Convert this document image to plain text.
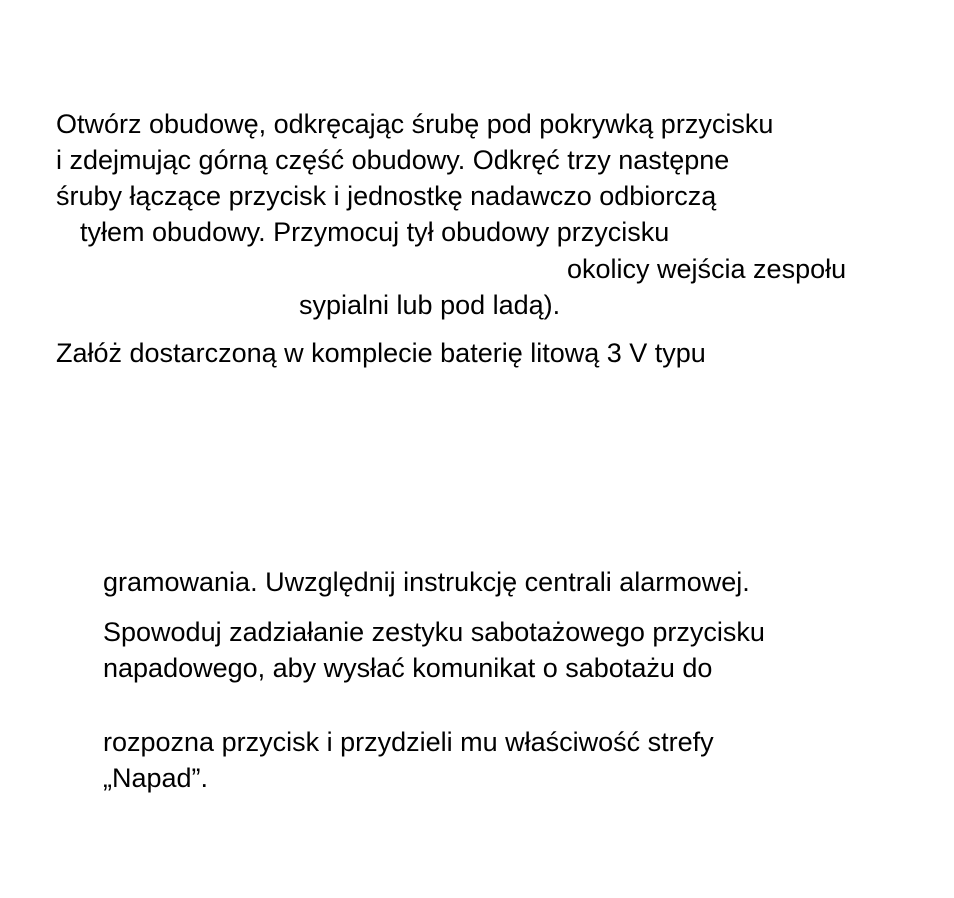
Otwórz obudowę, odkręcając śrubę pod pokrywką przycisku

i zdejmując górną część obudowy. Odkręć trzy następne

śruby łączące przycisk i jednostkę nadawczo odbiorczą

tyłem obudowy. Przymocuj tył obudowy przycisku

okolicy wejścia zespołu

sypialni lub pod ladą).

Załóż dostarczoną w komplecie baterię litową 3 V typu

gramowania. Uwzględnij instrukcję centrali alarmowej.

Spowoduj zadziałanie zestyku sabotażowego przycisku

napadowego, aby wysłać komunikat o sabotażu do

rozpozna przycisk i przydzieli mu właściwość strefy

„Napad”.
